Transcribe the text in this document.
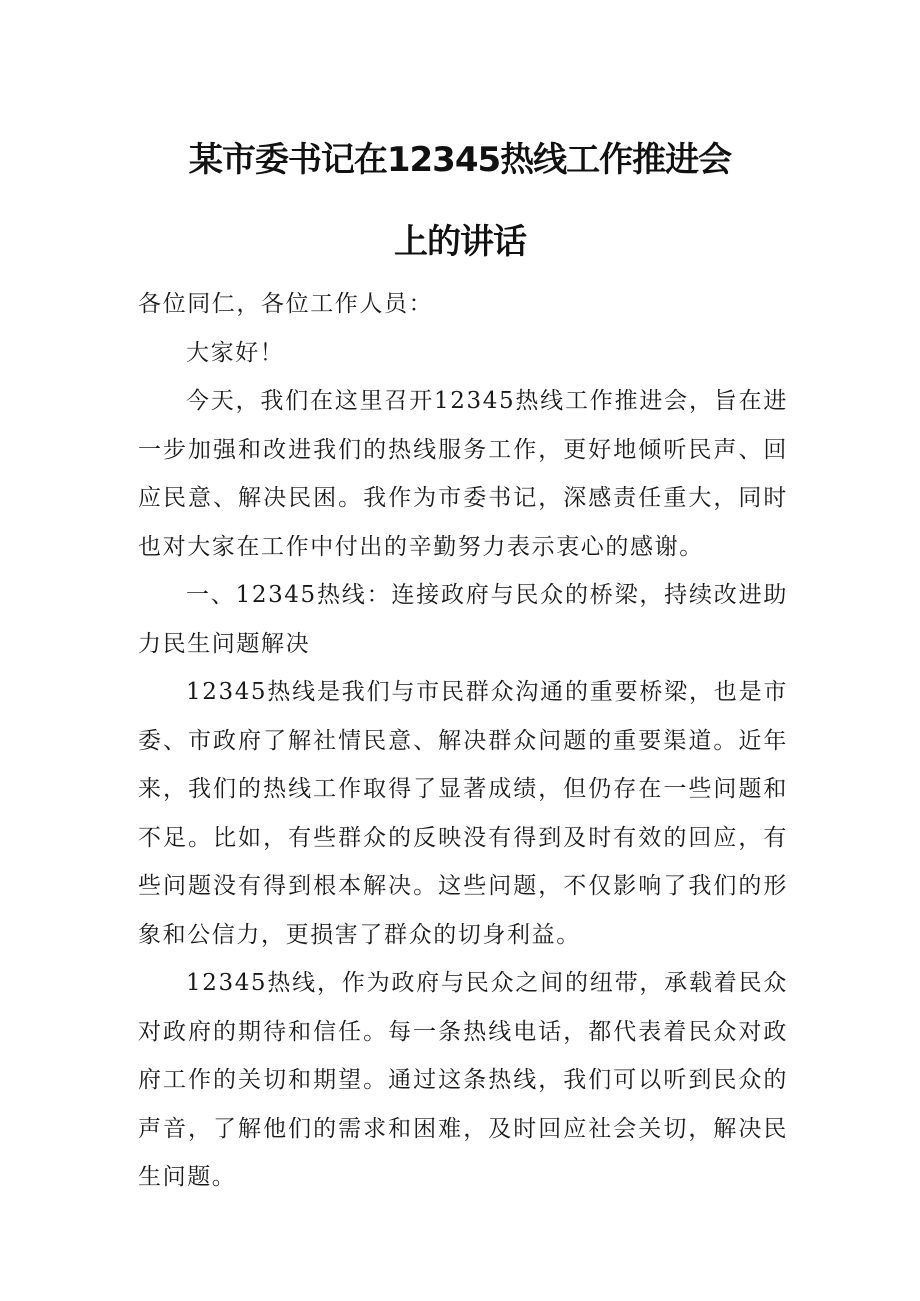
某市委书记在12345热线工作推进会
上的讲话

各位同仁，各位工作人员：

大家好！

今天，我们在这里召开12345热线工作推进会，旨在进一步加强和改进我们的热线服务工作，更好地倾听民声、回应民意、解决民困。我作为市委书记，深感责任重大，同时也对大家在工作中付出的辛勤努力表示衷心的感谢。

一、12345热线：连接政府与民众的桥梁，持续改进助力民生问题解决

12345热线是我们与市民群众沟通的重要桥梁，也是市委、市政府了解社情民意、解决群众问题的重要渠道。近年来，我们的热线工作取得了显著成绩，但仍存在一些问题和不足。比如，有些群众的反映没有得到及时有效的回应，有些问题没有得到根本解决。这些问题，不仅影响了我们的形象和公信力，更损害了群众的切身利益。

12345热线，作为政府与民众之间的纽带，承载着民众对政府的期待和信任。每一条热线电话，都代表着民众对政府工作的关切和期望。通过这条热线，我们可以听到民众的声音，了解他们的需求和困难，及时回应社会关切，解决民生问题。
